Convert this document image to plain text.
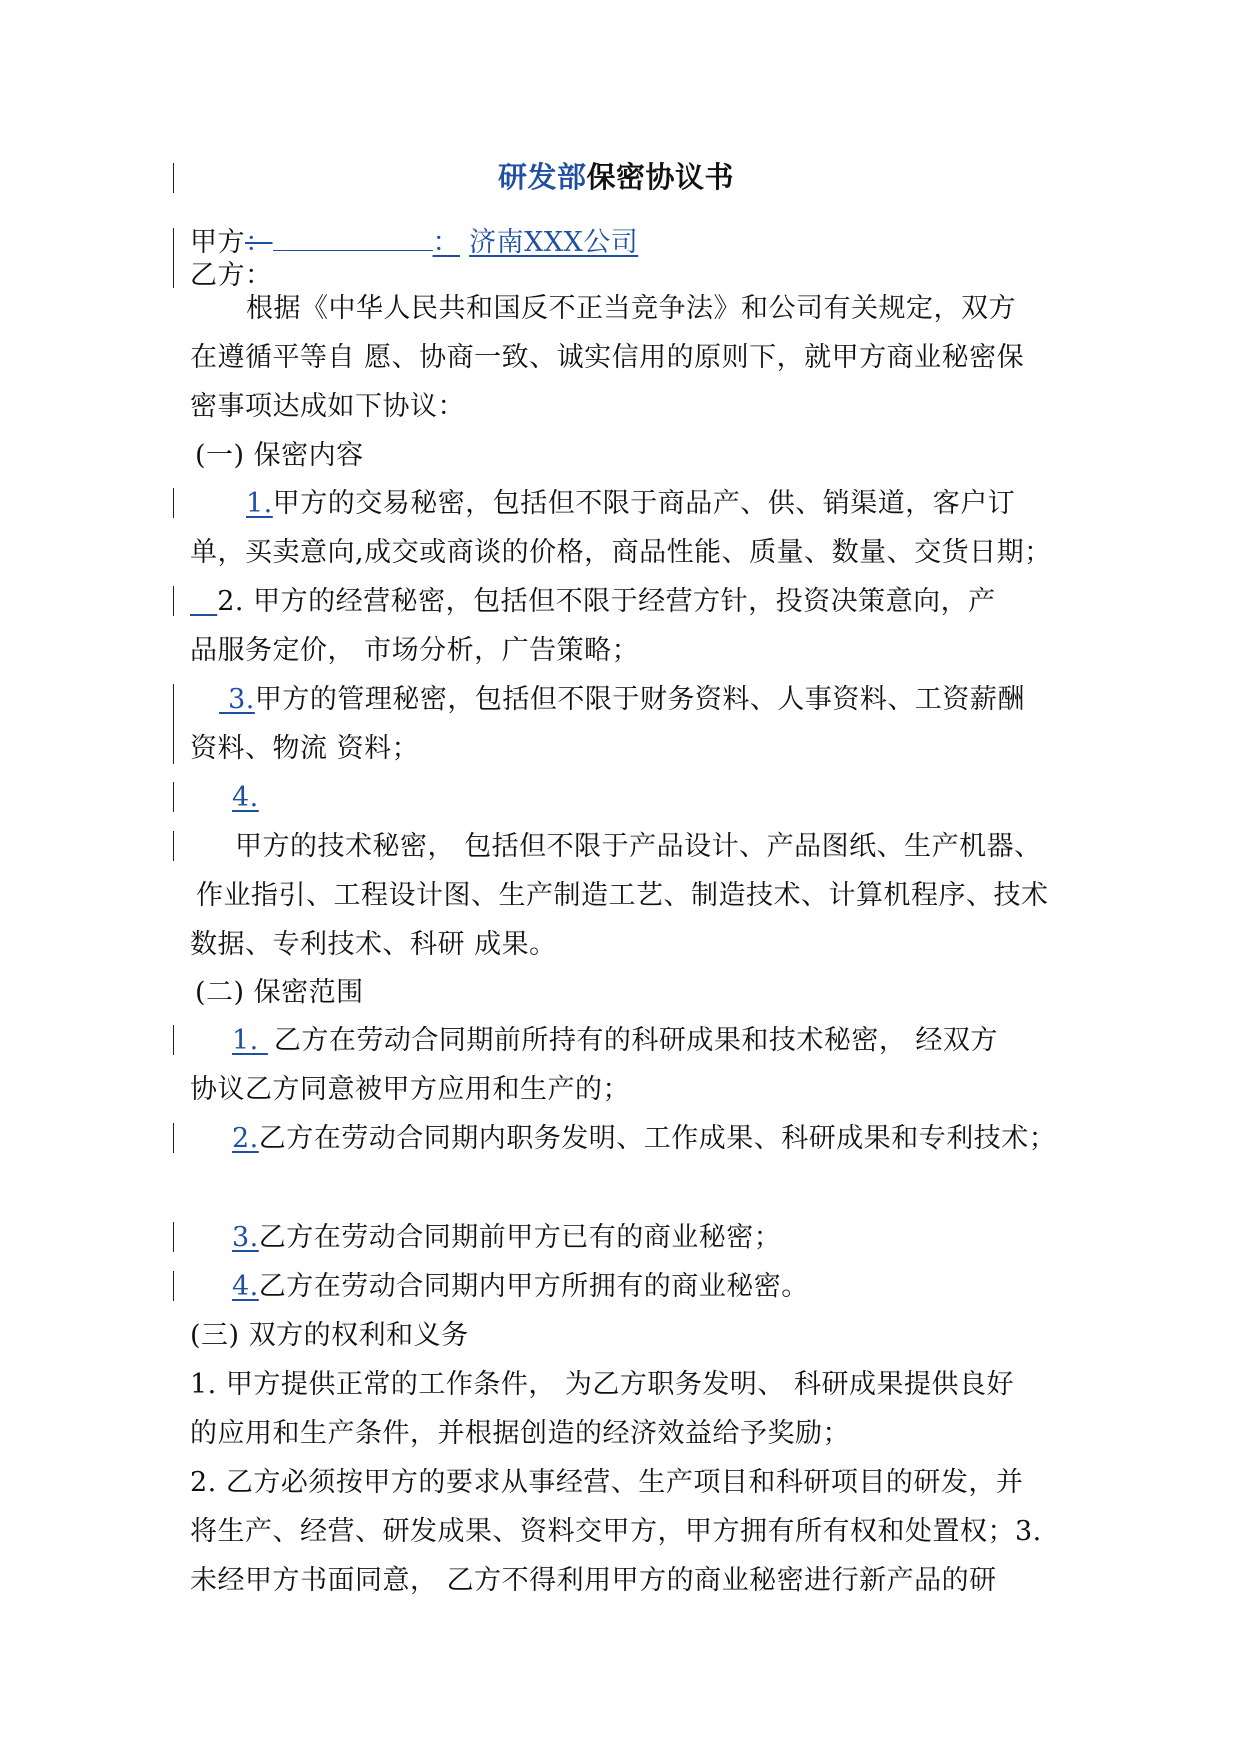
研发部保密协议书
甲方：	： 济南XXX公司
乙方：
根据《中华人民共和国反不正当竞争法》和公司有关规定，双方
在遵循平等自 愿、协商一致、诚实信用的原则下，就甲方商业秘密保
密事项达成如下协议：
(一) 保密内容
1.甲方的交易秘密，包括但不限于商品产、供、销渠道，客户订
单，买卖意向,成交或商谈的价格，商品性能、质量、数量、交货日期；
2. 甲方的经营秘密，包括但不限于经营方针，投资决策意向，产
品服务定价， 市场分析，广告策略；
3.甲方的管理秘密，包括但不限于财务资料、人事资料、工资薪酬
资料、物流 资料；
4.
甲方的技术秘密， 包括但不限于产品设计、产品图纸、生产机器、
作业指引、工程设计图、生产制造工艺、制造技术、计算机程序、技术
数据、专利技术、科研 成果。
(二) 保密范围
1. 乙方在劳动合同期前所持有的科研成果和技术秘密， 经双方
协议乙方同意被甲方应用和生产的；
2.乙方在劳动合同期内职务发明、工作成果、科研成果和专利技术；
3.乙方在劳动合同期前甲方已有的商业秘密；
4.乙方在劳动合同期内甲方所拥有的商业秘密。
(三) 双方的权利和义务
1. 甲方提供正常的工作条件， 为乙方职务发明、 科研成果提供良好
的应用和生产条件，并根据创造的经济效益给予奖励；
2. 乙方必须按甲方的要求从事经营、生产项目和科研项目的研发，并
将生产、经营、研发成果、资料交甲方，甲方拥有所有权和处置权；3.
未经甲方书面同意， 乙方不得利用甲方的商业秘密进行新产品的研
